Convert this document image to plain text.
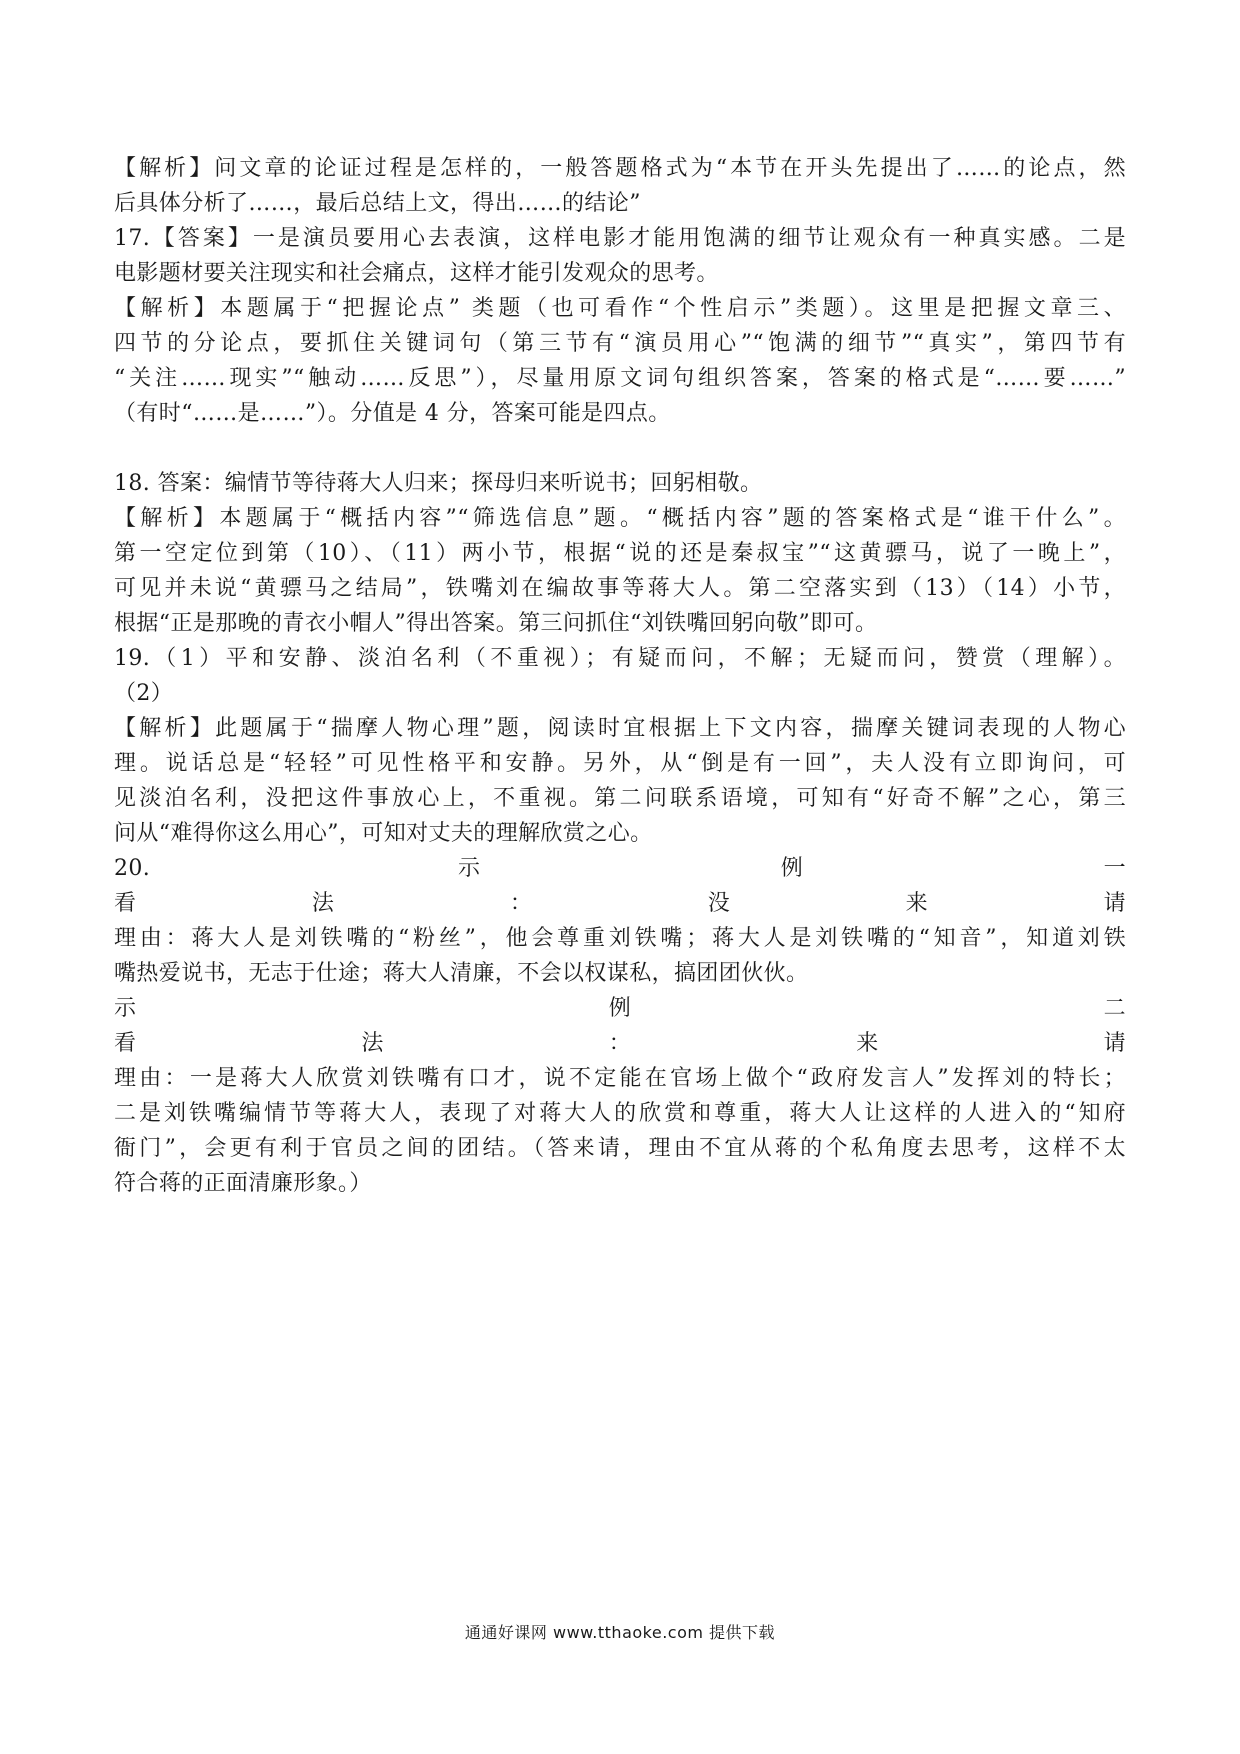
【解析】问文章的论证过程是怎样的，一般答题格式为“本节在开头先提出了……的论点，然
后具体分析了……，最后总结上文，得出……的结论”
17.【答案】一是演员要用心去表演，这样电影才能用饱满的细节让观众有一种真实感。二是
电影题材要关注现实和社会痛点，这样才能引发观众的思考。
【解析】本题属于“把握论点” 类题（也可看作“个性启示”类题）。这里是把握文章三、
四节的分论点，要抓住关键词句（第三节有“演员用心”“饱满的细节”“真实”，第四节有
“关注……现实”“触动……反思”），尽量用原文词句组织答案，答案的格式是“……要……”
（有时“……是……”）。分值是 4 分，答案可能是四点。
18. 答案：编情节等待蒋大人归来；探母归来听说书；回躬相敬。
【解析】本题属于“概括内容”“筛选信息”题。“概括内容”题的答案格式是“谁干什么”。
第一空定位到第（10）、（11）两小节，根据“说的还是秦叔宝”“这黄骠马，说了一晚上”，
可见并未说“黄骠马之结局”，铁嘴刘在编故事等蒋大人。第二空落实到（13）（14）小节，
根据“正是那晚的青衣小帽人”得出答案。第三问抓住“刘铁嘴回躬向敬”即可。
19.（1）平和安静、淡泊名利（不重视）；有疑而问，不解；无疑而问，赞赏（理解）。
（2）
【解析】此题属于“揣摩人物心理”题，阅读时宜根据上下文内容，揣摩关键词表现的人物心
理。说话总是“轻轻”可见性格平和安静。另外，从“倒是有一回”，夫人没有立即询问，可
见淡泊名利，没把这件事放心上，不重视。第二问联系语境，可知有“好奇不解”之心，第三
问从“难得你这么用心”，可知对丈夫的理解欣赏之心。
20. 示例一
看法：没来请
理由：蒋大人是刘铁嘴的“粉丝”，他会尊重刘铁嘴；蒋大人是刘铁嘴的“知音”，知道刘铁
嘴热爱说书，无志于仕途；蒋大人清廉，不会以权谋私，搞团团伙伙。
示例二
看法：来请
理由：一是蒋大人欣赏刘铁嘴有口才，说不定能在官场上做个“政府发言人”发挥刘的特长；
二是刘铁嘴编情节等蒋大人，表现了对蒋大人的欣赏和尊重，蒋大人让这样的人进入的“知府
衙门”，会更有利于官员之间的团结。（答来请，理由不宜从蒋的个私角度去思考，这样不太
符合蒋的正面清廉形象。）
通通好课网 www.tthaoke.com 提供下载
